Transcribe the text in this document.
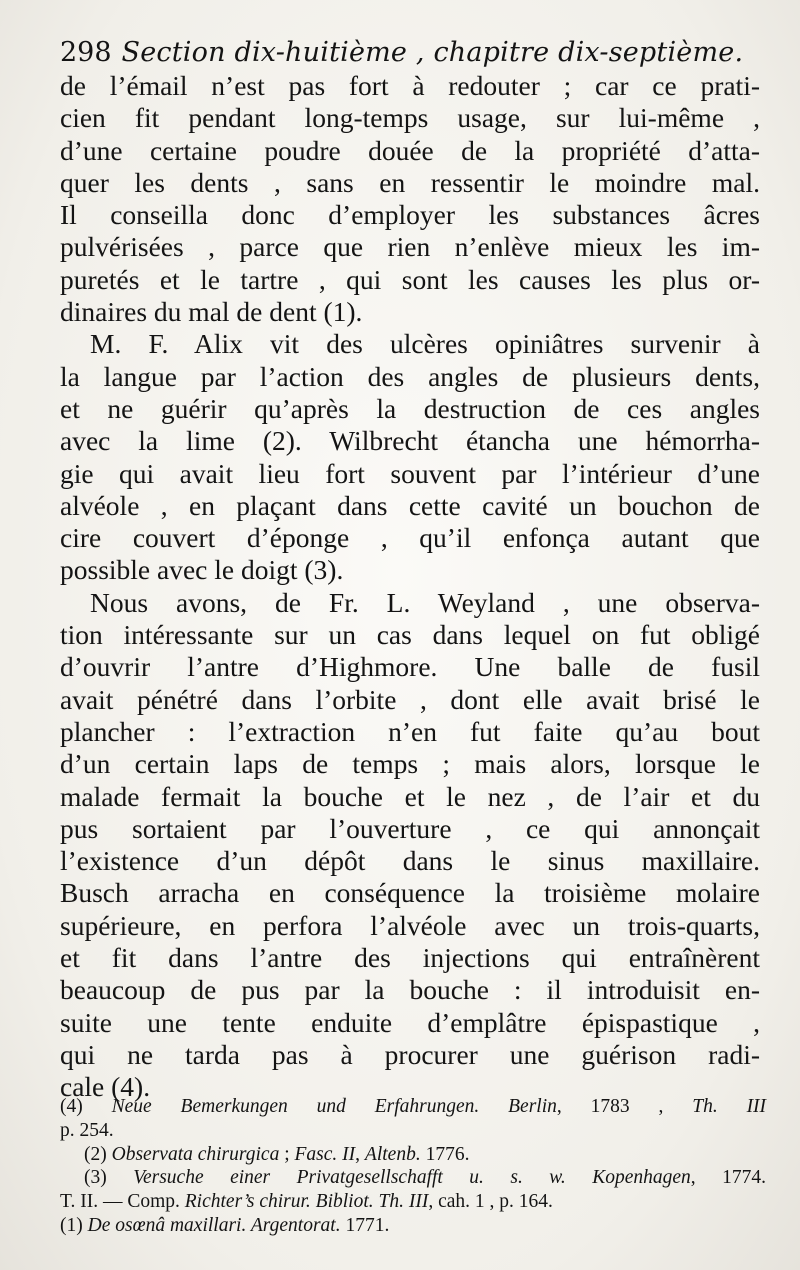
298 Section dix-huitième , chapitre dix-septième.
de l’émail n’est pas fort à redouter ; car ce prati-
cien fit pendant long-temps usage, sur lui-même ,
d’une certaine poudre douée de la propriété d’atta-
quer les dents , sans en ressentir le moindre mal.
Il conseilla donc d’employer les substances âcres
pulvérisées , parce que rien n’enlève mieux les im-
puretés et le tartre , qui sont les causes les plus or-
dinaires du mal de dent (1).
M. F. Alix vit des ulcères opiniâtres survenir à
la langue par l’action des angles de plusieurs dents,
et ne guérir qu’après la destruction de ces angles
avec la lime (2). Wilbrecht étancha une hémorrha-
gie qui avait lieu fort souvent par l’intérieur d’une
alvéole , en plaçant dans cette cavité un bouchon de
cire couvert d’éponge , qu’il enfonça autant que
possible avec le doigt (3).
Nous avons, de Fr. L. Weyland , une observa-
tion intéressante sur un cas dans lequel on fut obligé
d’ouvrir l’antre d’Highmore. Une balle de fusil
avait pénétré dans l’orbite , dont elle avait brisé le
plancher : l’extraction n’en fut faite qu’au bout
d’un certain laps de temps ; mais alors, lorsque le
malade fermait la bouche et le nez , de l’air et du
pus sortaient par l’ouverture , ce qui annonçait
l’existence d’un dépôt dans le sinus maxillaire.
Busch arracha en conséquence la troisième molaire
supérieure, en perfora l’alvéole avec un trois-quarts,
et fit dans l’antre des injections qui entraînèrent
beaucoup de pus par la bouche : il introduisit en-
suite une tente enduite d’emplâtre épispastique ,
qui ne tarda pas à procurer une guérison radi-
cale (4).
(4) Neue Bemerkungen und Erfahrungen. Berlin, 1783 , Th. III
p. 254.
(2) Observata chirurgica ; Fasc. II, Altenb. 1776.
(3) Versuche einer Privatgesellschafft u. s. w. Kopenhagen, 1774.
T. II. — Comp. Richter’s chirur. Bibliot. Th. III, cah. 1 , p. 164.
(1) De osœnâ maxillari. Argentorat. 1771.
